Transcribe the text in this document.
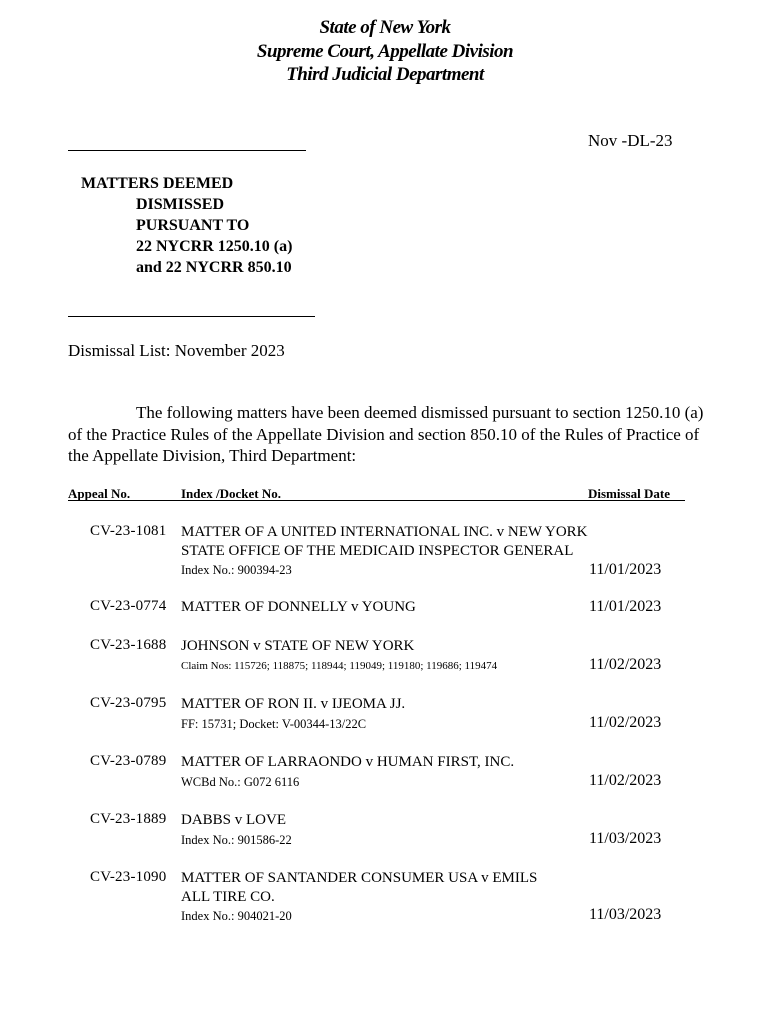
State of New York
Supreme Court, Appellate Division
Third Judicial Department
Nov -DL-23
MATTERS DEEMED
DISMISSED
PURSUANT TO
22 NYCRR 1250.10 (a)
and 22 NYCRR 850.10
Dismissal List: November 2023
The following matters have been deemed dismissed pursuant to section 1250.10 (a) of the Practice Rules of the Appellate Division and section 850.10 of the Rules of Practice of the Appellate Division, Third Department:
Appeal No.	Index /Docket No.	Dismissal Date
CV-23-1081 MATTER OF A UNITED INTERNATIONAL INC. v NEW YORK STATE OFFICE OF THE MEDICAID INSPECTOR GENERAL
Index No.: 900394-23	11/01/2023
CV-23-0774 MATTER OF DONNELLY v YOUNG	11/01/2023
CV-23-1688 JOHNSON v STATE OF NEW YORK
Claim Nos: 115726; 118875; 118944; 119049; 119180; 119686; 119474	11/02/2023
CV-23-0795 MATTER OF RON II. v IJEOMA JJ.
FF: 15731; Docket: V-00344-13/22C	11/02/2023
CV-23-0789 MATTER OF LARRAONDO v HUMAN FIRST, INC.
WCBd No.: G072 6116	11/02/2023
CV-23-1889 DABBS v LOVE
Index No.: 901586-22	11/03/2023
CV-23-1090 MATTER OF SANTANDER CONSUMER USA v EMILS ALL TIRE CO.
Index No.: 904021-20	11/03/2023
